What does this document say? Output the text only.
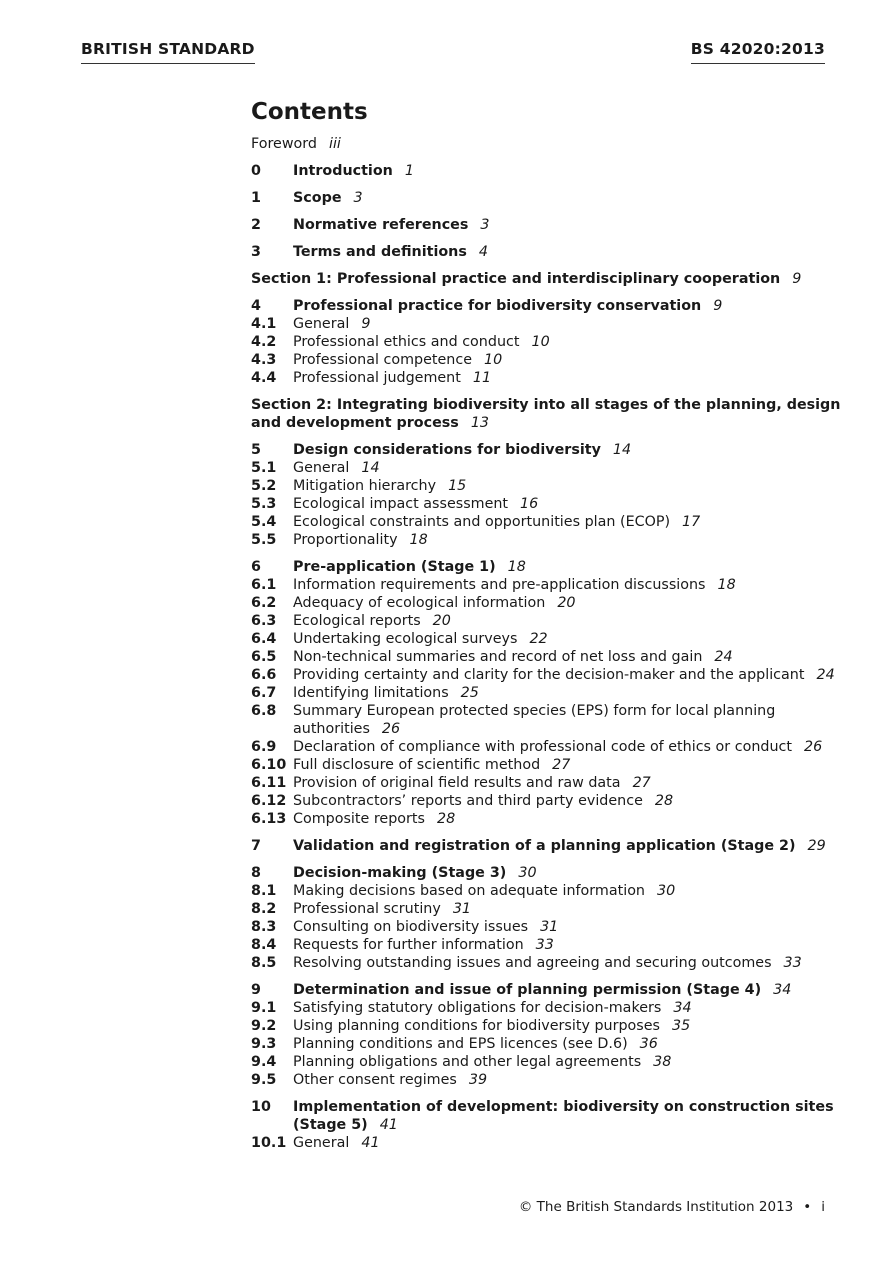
BRITISH STANDARD	BS 42020:2013
Contents
Foreword iii
0	Introduction 1
1	Scope 3
2	Normative references 3
3	Terms and definitions 4
Section 1: Professional practice and interdisciplinary cooperation 9
4	Professional practice for biodiversity conservation 9
4.1	General 9
4.2	Professional ethics and conduct 10
4.3	Professional competence 10
4.4	Professional judgement 11
Section 2: Integrating biodiversity into all stages of the planning, design and development process 13
5	Design considerations for biodiversity 14
5.1	General 14
5.2	Mitigation hierarchy 15
5.3	Ecological impact assessment 16
5.4	Ecological constraints and opportunities plan (ECOP) 17
5.5	Proportionality 18
6	Pre-application (Stage 1) 18
6.1	Information requirements and pre-application discussions 18
6.2	Adequacy of ecological information 20
6.3	Ecological reports 20
6.4	Undertaking ecological surveys 22
6.5	Non-technical summaries and record of net loss and gain 24
6.6	Providing certainty and clarity for the decision-maker and the applicant 24
6.7	Identifying limitations 25
6.8	Summary European protected species (EPS) form for local planning authorities 26
6.9	Declaration of compliance with professional code of ethics or conduct 26
6.10 Full disclosure of scientific method 27
6.11 Provision of original field results and raw data 27
6.12 Subcontractors’ reports and third party evidence 28
6.13 Composite reports 28
7	Validation and registration of a planning application (Stage 2) 29
8	Decision-making (Stage 3) 30
8.1	Making decisions based on adequate information 30
8.2	Professional scrutiny 31
8.3	Consulting on biodiversity issues 31
8.4	Requests for further information 33
8.5	Resolving outstanding issues and agreeing and securing outcomes 33
9	Determination and issue of planning permission (Stage 4) 34
9.1	Satisfying statutory obligations for decision-makers 34
9.2	Using planning conditions for biodiversity purposes 35
9.3	Planning conditions and EPS licences (see D.6) 36
9.4	Planning obligations and other legal agreements 38
9.5	Other consent regimes 39
10	Implementation of development: biodiversity on construction sites (Stage 5) 41
10.1 General 41
© The British Standards Institution 2013 • i
